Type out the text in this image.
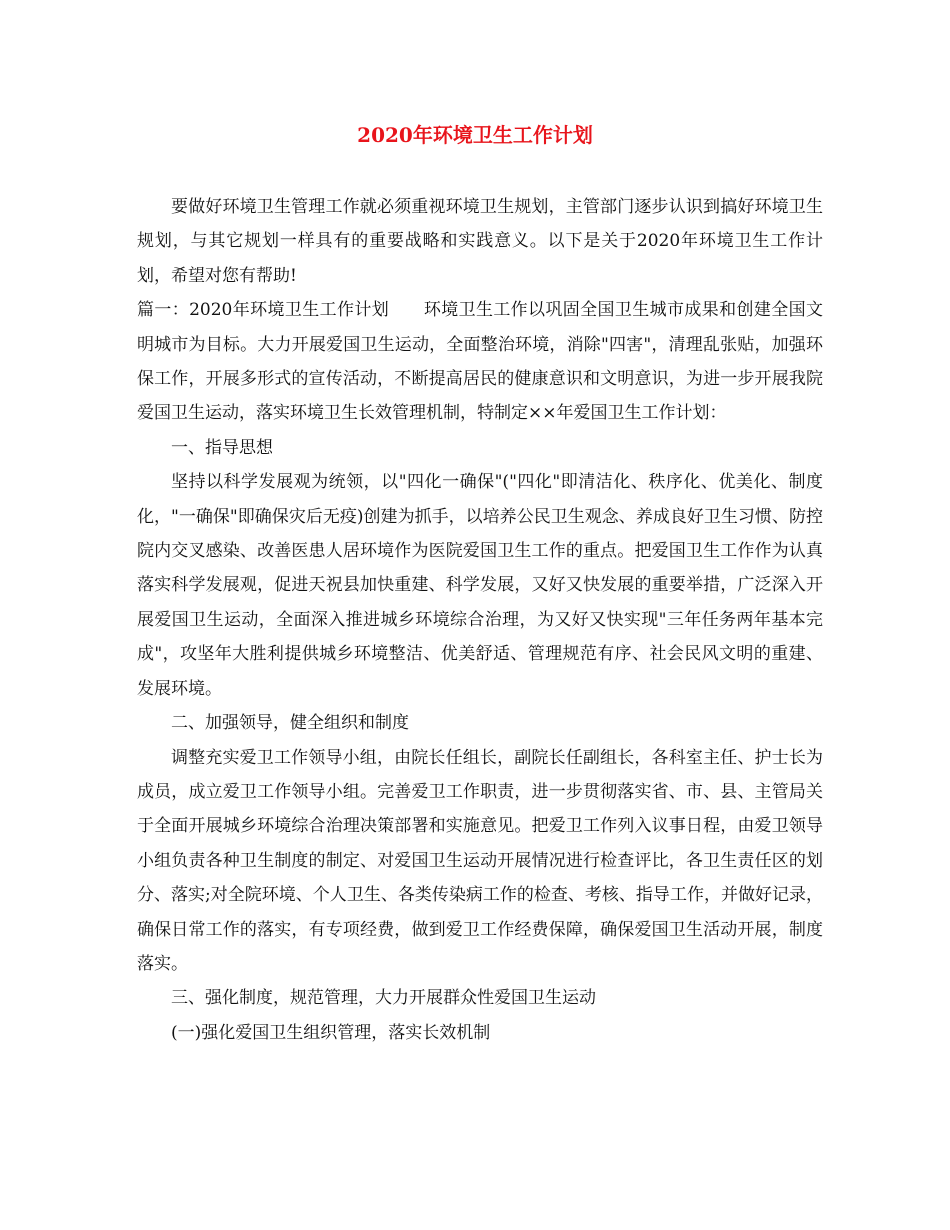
2020年环境卫生工作计划

要做好环境卫生管理工作就必须重视环境卫生规划，主管部门逐步认识到搞好环境卫生规划，与其它规划一样具有的重要战略和实践意义。以下是关于2020年环境卫生工作计划，希望对您有帮助!

篇一：2020年环境卫生工作计划　　环境卫生工作以巩固全国卫生城市成果和创建全国文明城市为目标。大力开展爱国卫生运动，全面整治环境，消除"四害"，清理乱张贴，加强环保工作，开展多形式的宣传活动，不断提高居民的健康意识和文明意识，为进一步开展我院爱国卫生运动，落实环境卫生长效管理机制，特制定××年爱国卫生工作计划：

一、指导思想

坚持以科学发展观为统领，以"四化一确保"("四化"即清洁化、秩序化、优美化、制度化，"一确保"即确保灾后无疫)创建为抓手，以培养公民卫生观念、养成良好卫生习惯、防控院内交叉感染、改善医患人居环境作为医院爱国卫生工作的重点。把爱国卫生工作作为认真落实科学发展观，促进天祝县加快重建、科学发展，又好又快发展的重要举措，广泛深入开展爱国卫生运动，全面深入推进城乡环境综合治理，为又好又快实现"三年任务两年基本完成"，攻坚年大胜利提供城乡环境整洁、优美舒适、管理规范有序、社会民风文明的重建、发展环境。

二、加强领导，健全组织和制度

调整充实爱卫工作领导小组，由院长任组长，副院长任副组长，各科室主任、护士长为成员，成立爱卫工作领导小组。完善爱卫工作职责，进一步贯彻落实省、市、县、主管局关于全面开展城乡环境综合治理决策部署和实施意见。把爱卫工作列入议事日程，由爱卫领导小组负责各种卫生制度的制定、对爱国卫生运动开展情况进行检查评比，各卫生责任区的划分、落实;对全院环境、个人卫生、各类传染病工作的检查、考核、指导工作，并做好记录，确保日常工作的落实，有专项经费，做到爱卫工作经费保障，确保爱国卫生活动开展，制度落实。

三、强化制度，规范管理，大力开展群众性爱国卫生运动

(一)强化爱国卫生组织管理，落实长效机制
